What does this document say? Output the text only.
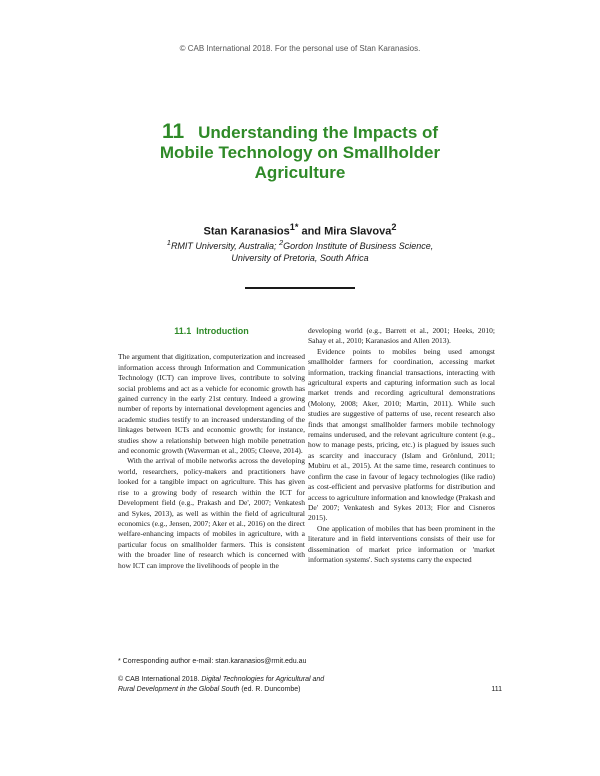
© CAB International 2018. For the personal use of Stan Karanasios.
11 Understanding the Impacts of
Mobile Technology on Smallholder
Agriculture
Stan Karanasios$^{1*}$ and Mira Slavova$^2$
$^1$RMIT University, Australia; $^2$Gordon Institute of Business Science,
University of Pretoria, South Africa
11.1  Introduction

The argument that digitization, computerization and increased information access through Information and Communication Technology (ICT) can improve lives, contribute to solving social problems and act as a vehicle for economic growth has gained currency in the early 21st century. Indeed a growing number of reports by international development agencies and academic studies testify to an increased understanding of the linkages between ICTs and economic growth; for instance, studies show a relationship between high mobile penetration and economic growth (Waverman et al., 2005; Cleeve, 2014).

With the arrival of mobile networks across the developing world, researchers, policy-makers and practitioners have looked for a tangible impact on agriculture. This has given rise to a growing body of research within the ICT for Development field (e.g., Prakash and De', 2007; Venkatesh and Sykes, 2013), as well as within the field of agricultural economics (e.g., Jensen, 2007; Aker et al., 2016) on the direct welfare-enhancing impacts of mobiles in agriculture, with a particular focus on smallholder farmers. This is consistent with the broader line of research which is concerned with how ICT can improve the livelihoods of people in the

developing world (e.g., Barrett et al., 2001; Heeks, 2010; Sahay et al., 2010; Karanasios and Allen 2013).

Evidence points to mobiles being used amongst smallholder farmers for coordination, accessing market information, tracking financial transactions, interacting with agricultural experts and capturing information such as local market trends and recording agricultural demonstrations (Molony, 2008; Aker, 2010; Martin, 2011). While such studies are suggestive of patterns of use, recent research also finds that amongst smallholder farmers mobile technology remains underused, and the relevant agriculture content (e.g., how to manage pests, pricing, etc.) is plagued by issues such as scarcity and inaccuracy (Islam and Grönlund, 2011; Mubiru et al., 2015). At the same time, research continues to confirm the case in favour of legacy technologies (like radio) as cost-efficient and pervasive platforms for distribution and access to agriculture information and knowledge (Prakash and De' 2007; Venkatesh and Sykes 2013; Flor and Cisneros 2015).

One application of mobiles that has been prominent in the literature and in field interventions consists of their use for dissemination of market price information or 'market information systems'. Such systems carry the expected

* Corresponding author e-mail: stan.karanasios@rmit.edu.au
© CAB International 2018. Digital Technologies for Agricultural and
Rural Development in the Global South (ed. R. Duncombe)	111
